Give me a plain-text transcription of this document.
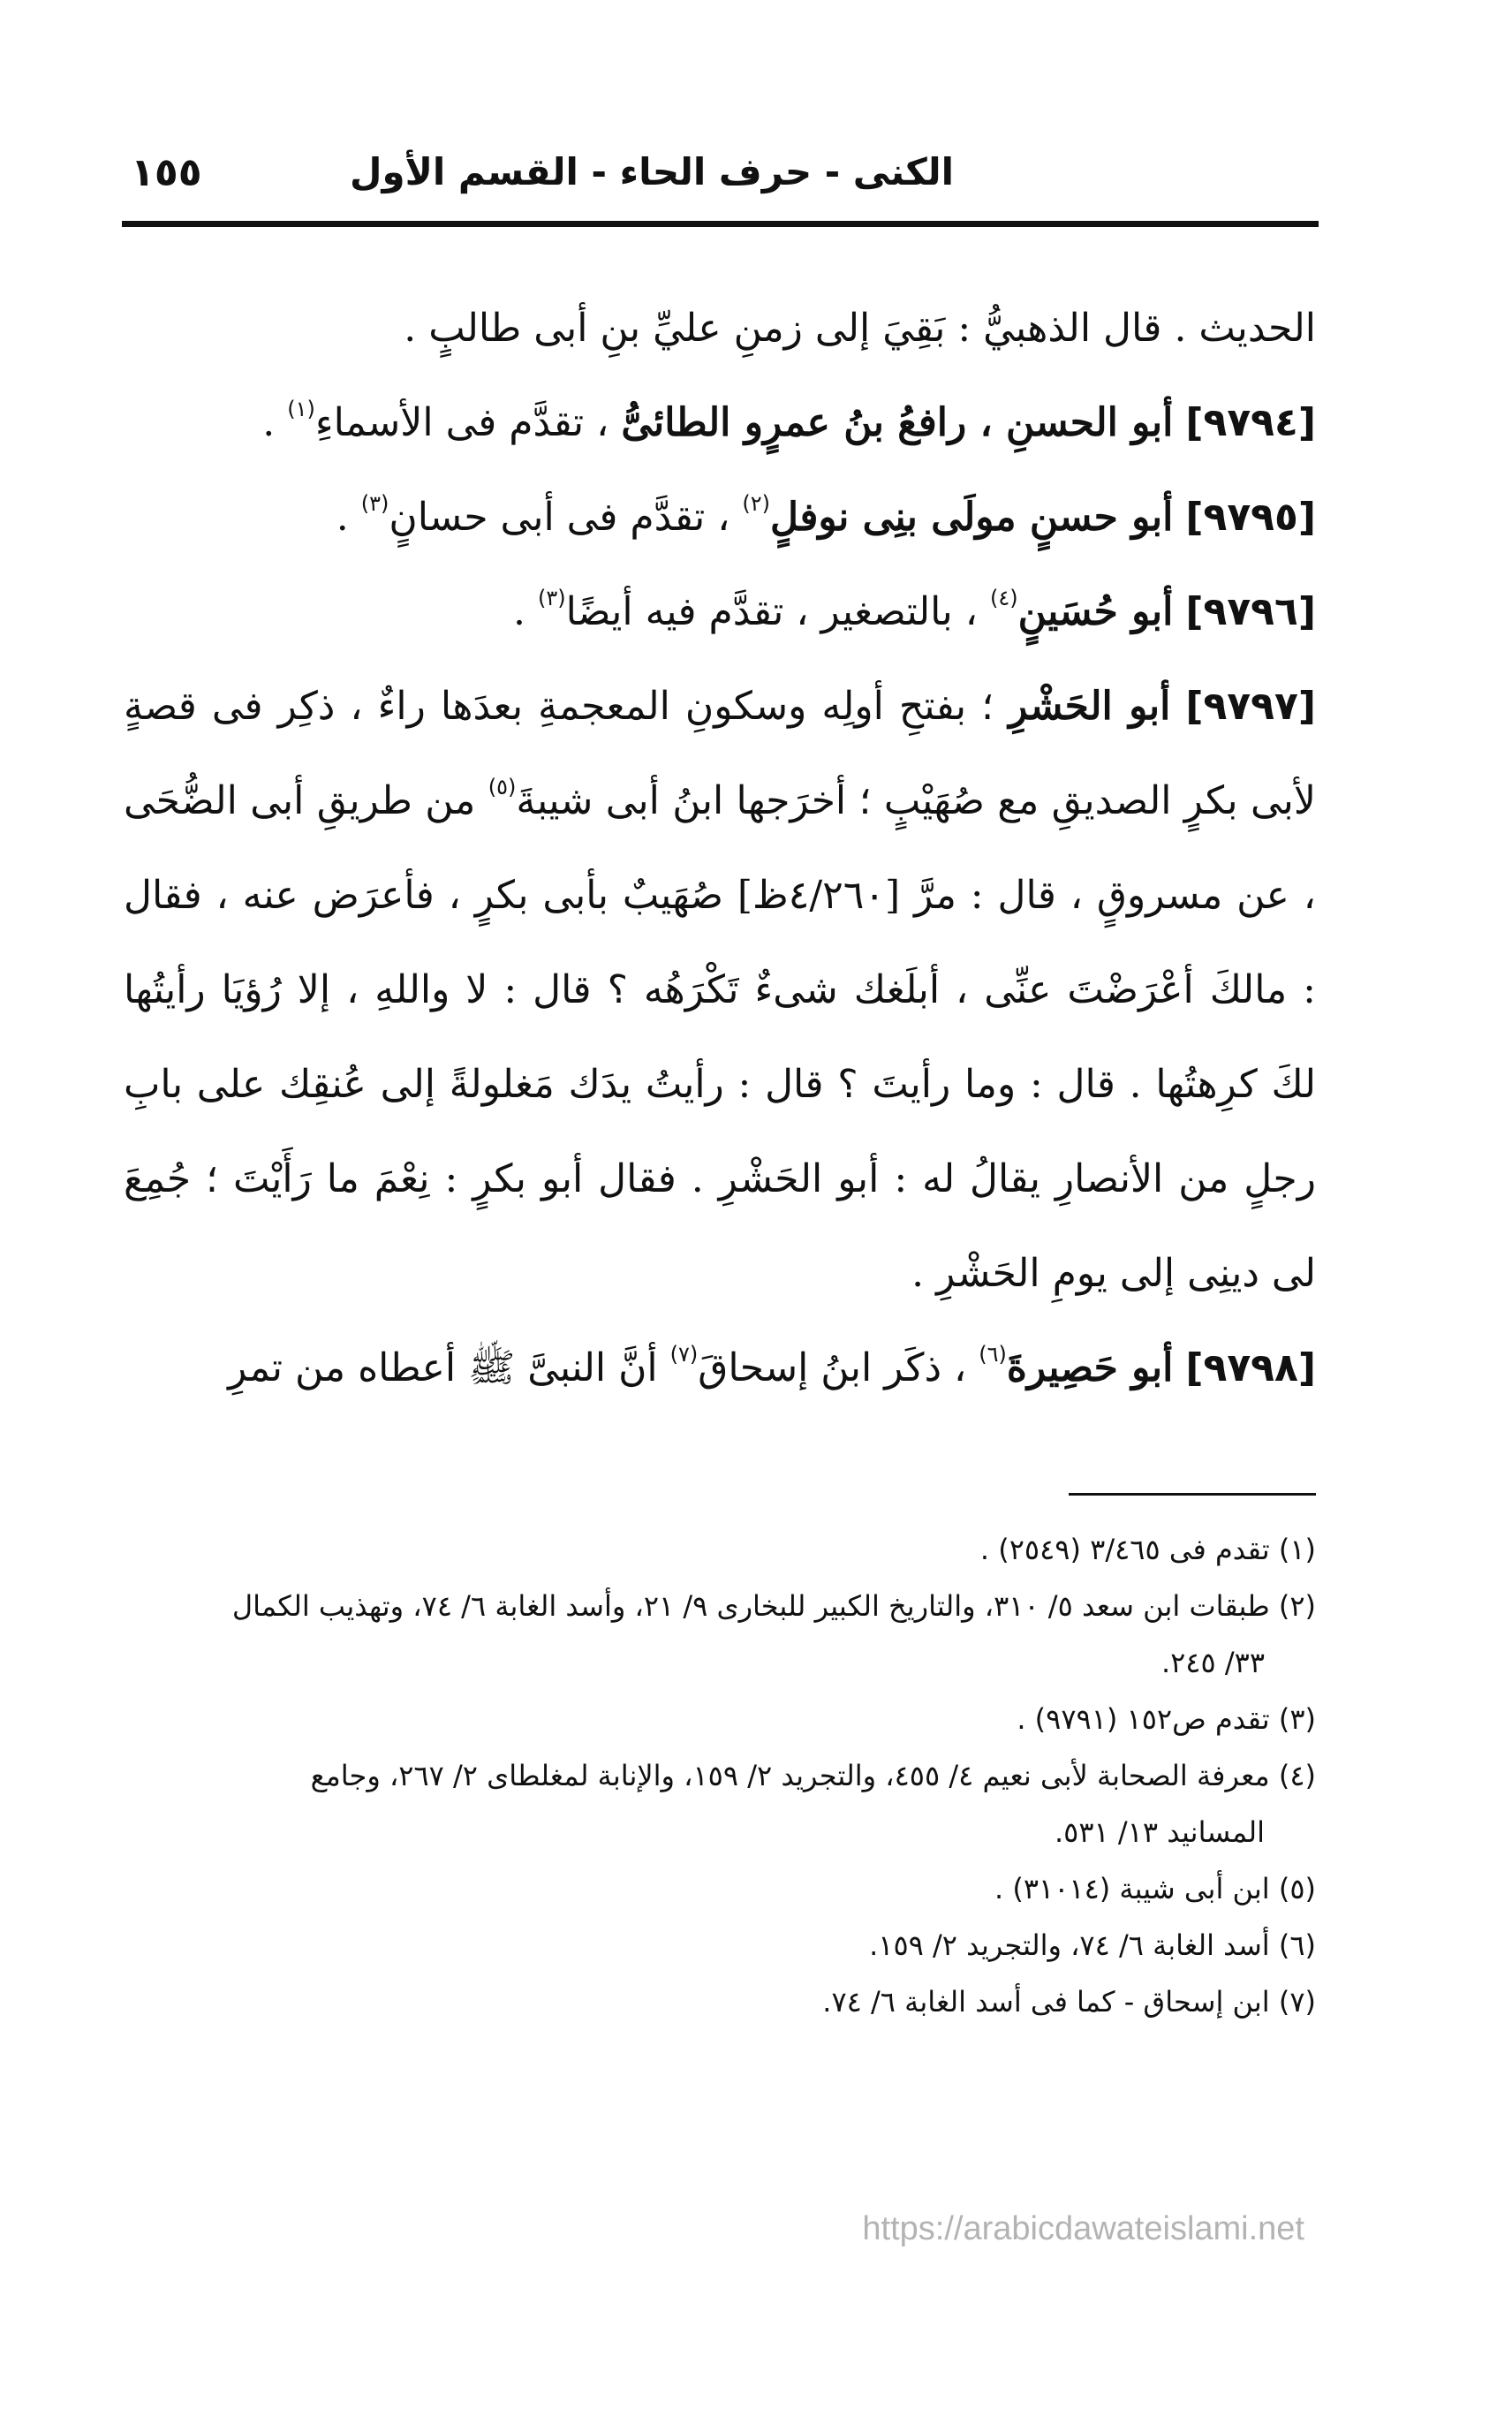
١٥٥	الكنى - حرف الحاء - القسم الأول

الحديث . قال الذهبيُّ : بَقِيَ إلى زمنِ عليِّ بنِ أبى طالبٍ .

[٩٧٩٤] أبو الحسنِ ، رافعُ بنُ عمرٍو الطائىُّ ، تقدَّم فى الأسماءِ$^{(١)}$ .

[٩٧٩٥] أبو حسنٍ مولَى بنِى نوفلٍ$^{(٢)}$ ، تقدَّم فى أبى حسانٍ$^{(٣)}$ .

[٩٧٩٦] أبو حُسَينٍ$^{(٤)}$ ، بالتصغير ، تقدَّم فيه أيضًا$^{(٣)}$ .

[٩٧٩٧] أبو الحَشْرِ ؛ بفتحِ أولِه وسكونِ المعجمةِ بعدَها راءٌ ، ذكِر فى قصةٍ لأبى بكرٍ الصديقِ مع صُهَيْبٍ ؛ أخرَجها ابنُ أبى شيبةَ$^{(٥)}$ من طريقِ أبى الضُّحَى ، عن مسروقٍ ، قال : مرَّ [٤/٢٦٠ظ] صُهَيبٌ بأبى بكرٍ ، فأعرَض عنه ، فقال : مالكَ أعْرَضْتَ عنِّى ، أبلَغك شىءٌ تَكْرَهُه ؟ قال : لا واللهِ ، إلا رُؤيَا رأيتُها لكَ كرِهتُها . قال : وما رأيتَ ؟ قال : رأيتُ يدَك مَغلولةً إلى عُنقِك على بابِ رجلٍ من الأنصارِ يقالُ له : أبو الحَشْرِ . فقال أبو بكرٍ : نِعْمَ ما رَأَيْتَ ؛ جُمِعَ لى دينِى إلى يومِ الحَشْرِ .

[٩٧٩٨] أبو حَصِيرةَ$^{(٦)}$ ، ذكَر ابنُ إسحاقَ$^{(٧)}$ أنَّ النبىَّ ﷺ أعطاه من تمرِ

(١) تقدم فى ٣/٤٦٥ (٢٥٤٩) .

(٢) طبقات ابن سعد ٥/ ٣١٠، والتاريخ الكبير للبخارى ٩/ ٢١، وأسد الغابة ٦/ ٧٤، وتهذيب الكمال

٣٣/ ٢٤٥.

(٣) تقدم ص١٥٢ (٩٧٩١) .

(٤) معرفة الصحابة لأبى نعيم ٤/ ٤٥٥، والتجريد ٢/ ١٥٩، والإنابة لمغلطاى ٢/ ٢٦٧، وجامع

المسانيد ١٣/ ٥٣١.

(٥) ابن أبى شيبة (٣١٠١٤) .

(٦) أسد الغابة ٦/ ٧٤، والتجريد ٢/ ١٥٩.

(٧) ابن إسحاق - كما فى أسد الغابة ٦/ ٧٤.

https://arabicdawateislami.net
